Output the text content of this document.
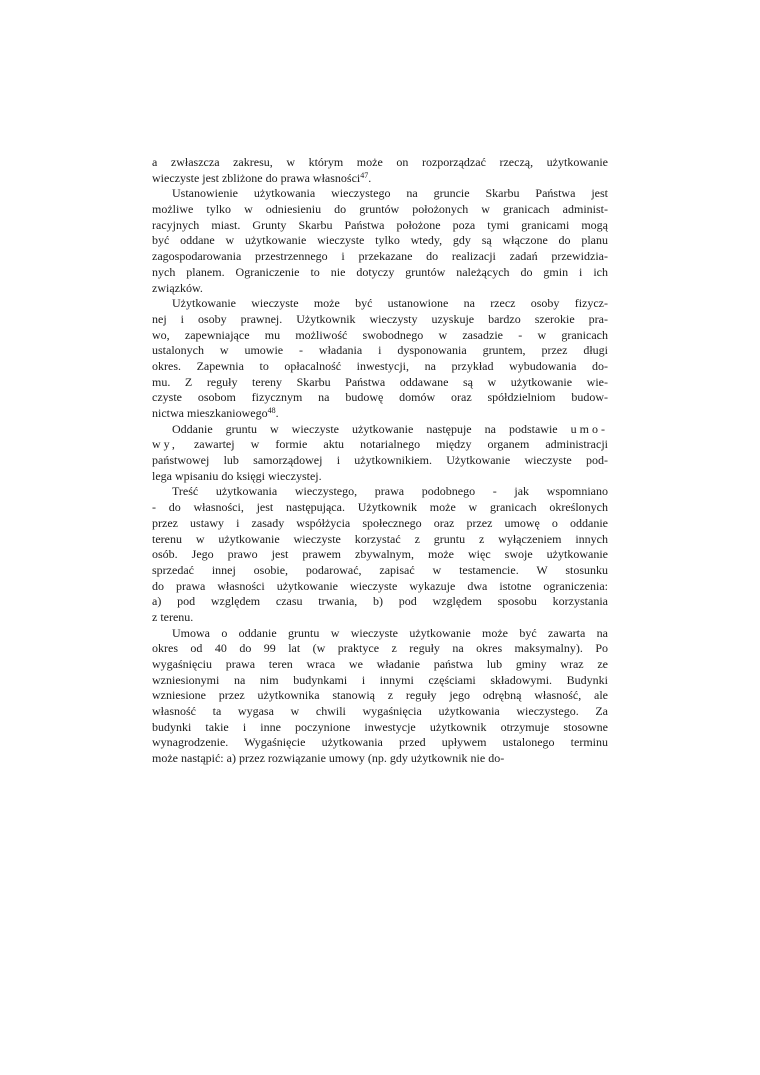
a zwłaszcza zakresu, w którym może on rozporządzać rzeczą, użytkowanie
wieczyste jest zbliżone do prawa własności$^{47}$.
Ustanowienie użytkowania wieczystego na gruncie Skarbu Państwa jest
możliwe tylko w odniesieniu do gruntów położonych w granicach administ-
racyjnych miast. Grunty Skarbu Państwa położone poza tymi granicami mogą
być oddane w użytkowanie wieczyste tylko wtedy, gdy są włączone do planu
zagospodarowania przestrzennego i przekazane do realizacji zadań przewidzia-
nych planem. Ograniczenie to nie dotyczy gruntów należących do gmin i ich
związków.
Użytkowanie wieczyste może być ustanowione na rzecz osoby fizycz-
nej i osoby prawnej. Użytkownik wieczysty uzyskuje bardzo szerokie pra-
wo, zapewniające mu możliwość swobodnego w zasadzie - w granicach
ustalonych w umowie - władania i dysponowania gruntem, przez długi
okres. Zapewnia to opłacalność inwestycji, na przykład wybudowania do-
mu. Z reguły tereny Skarbu Państwa oddawane są w użytkowanie wie-
czyste osobom fizycznym na budowę domów oraz spółdzielniom budow-
nictwa mieszkaniowego$^{48}$.
Oddanie gruntu w wieczyste użytkowanie następuje na podstawie umo-
wy, zawartej w formie aktu notarialnego między organem administracji
państwowej lub samorządowej i użytkownikiem. Użytkowanie wieczyste pod-
lega wpisaniu do księgi wieczystej.
Treść użytkowania wieczystego, prawa podobnego - jak wspomniano
- do własności, jest następująca. Użytkownik może w granicach określonych
przez ustawy i zasady współżycia społecznego oraz przez umowę o oddanie
terenu w użytkowanie wieczyste korzystać z gruntu z wyłączeniem innych
osób. Jego prawo jest prawem zbywalnym, może więc swoje użytkowanie
sprzedać innej osobie, podarować, zapisać w testamencie. W stosunku
do prawa własności użytkowanie wieczyste wykazuje dwa istotne ograniczenia:
a) pod względem czasu trwania, b) pod względem sposobu korzystania
z terenu.
Umowa o oddanie gruntu w wieczyste użytkowanie może być zawarta na
okres od 40 do 99 lat (w praktyce z reguły na okres maksymalny). Po
wygaśnięciu prawa teren wraca we władanie państwa lub gminy wraz ze
wzniesionymi na nim budynkami i innymi częściami składowymi. Budynki
wzniesione przez użytkownika stanowią z reguły jego odrębną własność, ale
własność ta wygasa w chwili wygaśnięcia użytkowania wieczystego. Za
budynki takie i inne poczynione inwestycje użytkownik otrzymuje stosowne
wynagrodzenie. Wygaśnięcie użytkowania przed upływem ustalonego terminu
może nastąpić: a) przez rozwiązanie umowy (np. gdy użytkownik nie do-
